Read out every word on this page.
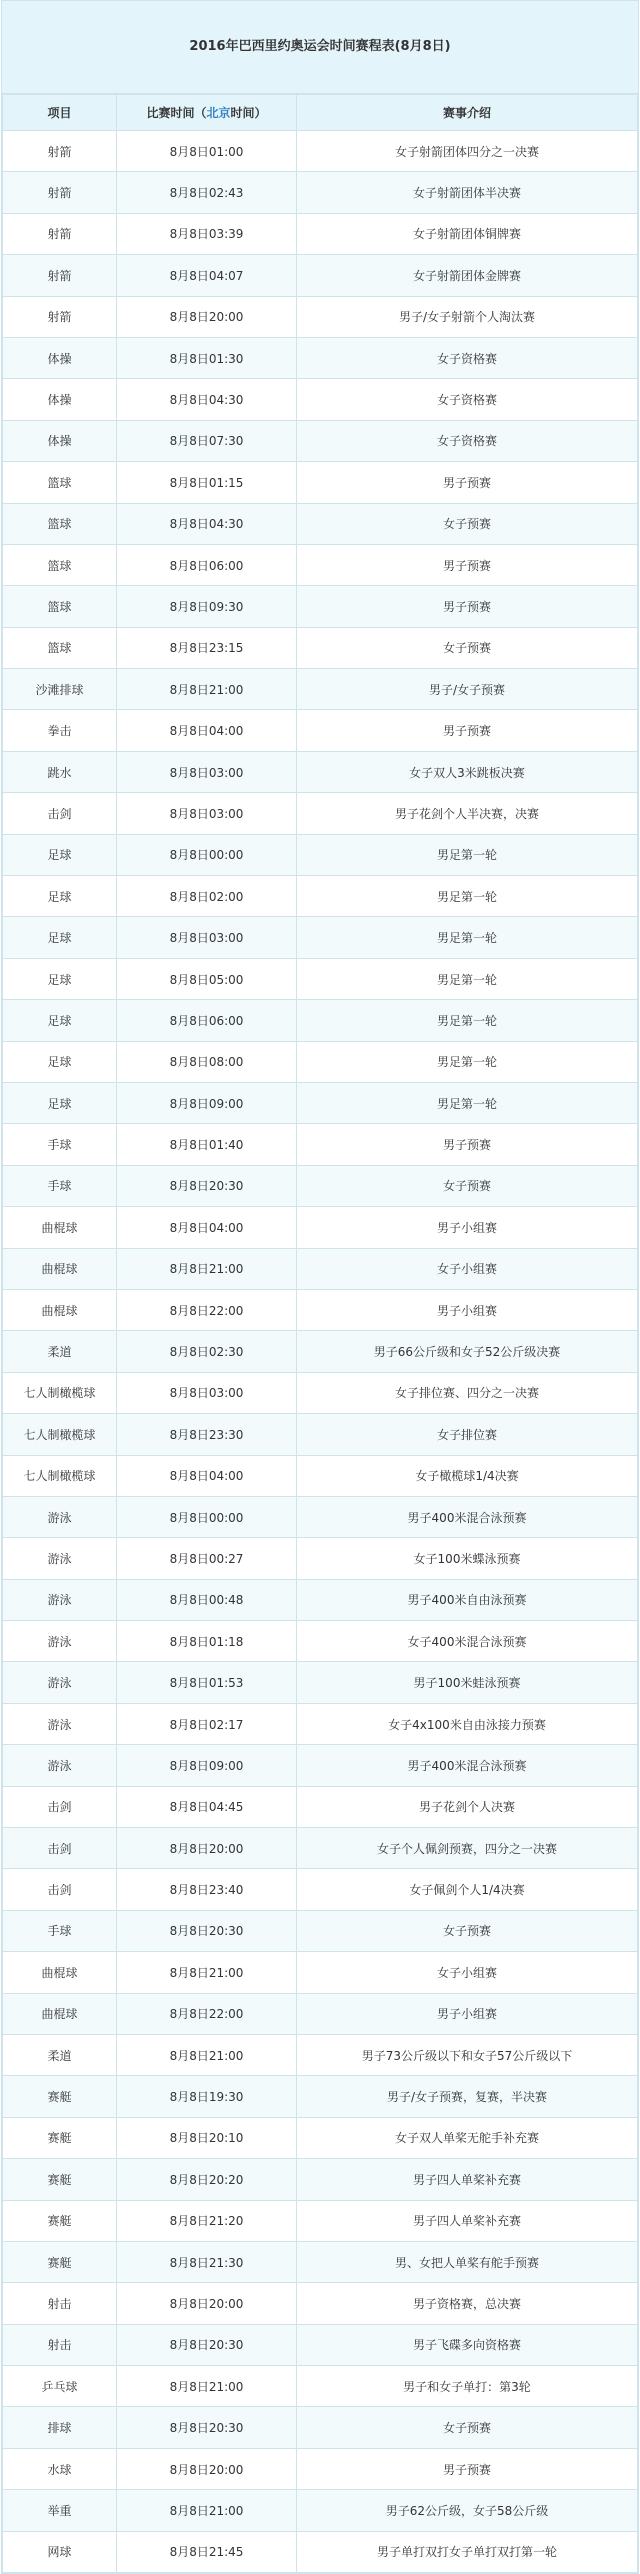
2016年巴西里约奥运会时间赛程表(8月8日)
项目	比赛时间（北京时间）	赛事介绍
射箭	8月8日01:00	女子射箭团体四分之一决赛
射箭	8月8日02:43	女子射箭团体半决赛
射箭	8月8日03:39	女子射箭团体铜牌赛
射箭	8月8日04:07	女子射箭团体金牌赛
射箭	8月8日20:00	男子/女子射箭个人淘汰赛
体操	8月8日01:30	女子资格赛
体操	8月8日04:30	女子资格赛
体操	8月8日07:30	女子资格赛
篮球	8月8日01:15	男子预赛
篮球	8月8日04:30	女子预赛
篮球	8月8日06:00	男子预赛
篮球	8月8日09:30	男子预赛
篮球	8月8日23:15	女子预赛
沙滩排球	8月8日21:00	男子/女子预赛
拳击	8月8日04:00	男子预赛
跳水	8月8日03:00	女子双人3米跳板决赛
击剑	8月8日03:00	男子花剑个人半决赛，决赛
足球	8月8日00:00	男足第一轮
足球	8月8日02:00	男足第一轮
足球	8月8日03:00	男足第一轮
足球	8月8日05:00	男足第一轮
足球	8月8日06:00	男足第一轮
足球	8月8日08:00	男足第一轮
足球	8月8日09:00	男足第一轮
手球	8月8日01:40	男子预赛
手球	8月8日20:30	女子预赛
曲棍球	8月8日04:00	男子小组赛
曲棍球	8月8日21:00	女子小组赛
曲棍球	8月8日22:00	男子小组赛
柔道	8月8日02:30	男子66公斤级和女子52公斤级决赛
七人制橄榄球	8月8日03:00	女子排位赛、四分之一决赛
七人制橄榄球	8月8日23:30	女子排位赛
七人制橄榄球	8月8日04:00	女子橄榄球1/4决赛
游泳	8月8日00:00	男子400米混合泳预赛
游泳	8月8日00:27	女子100米蝶泳预赛
游泳	8月8日00:48	男子400米自由泳预赛
游泳	8月8日01:18	女子400米混合泳预赛
游泳	8月8日01:53	男子100米蛙泳预赛
游泳	8月8日02:17	女子4x100米自由泳接力预赛
游泳	8月8日09:00	男子400米混合泳预赛
击剑	8月8日04:45	男子花剑个人决赛
击剑	8月8日20:00	女子个人佩剑预赛，四分之一决赛
击剑	8月8日23:40	女子佩剑个人1/4决赛
手球	8月8日20:30	女子预赛
曲棍球	8月8日21:00	女子小组赛
曲棍球	8月8日22:00	男子小组赛
柔道	8月8日21:00	男子73公斤级以下和女子57公斤级以下
赛艇	8月8日19:30	男子/女子预赛，复赛，半决赛
赛艇	8月8日20:10	女子双人单桨无舵手补充赛
赛艇	8月8日20:20	男子四人单桨补充赛
赛艇	8月8日21:20	男子四人单桨补充赛
赛艇	8月8日21:30	男、女把人单桨有舵手预赛
射击	8月8日20:00	男子资格赛，总决赛
射击	8月8日20:30	男子飞碟多向资格赛
乒乓球	8月8日21:00	男子和女子单打：第3轮
排球	8月8日20:30	女子预赛
水球	8月8日20:00	男子预赛
举重	8月8日21:00	男子62公斤级，女子58公斤级
网球	8月8日21:45	男子单打双打女子单打双打第一轮
